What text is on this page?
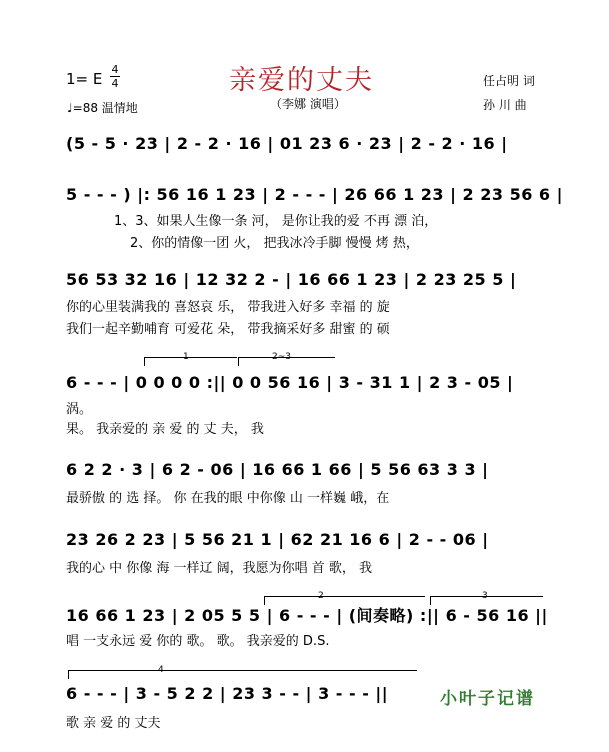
1= E
4
4
♩=88 温情地
亲爱的丈夫
（李娜 演唱）
任占明 词
孙 川 曲
(5 - 5 · 23 | 2 - 2 · 16 | 01 23 6 · 23 | 2 - 2 · 16 |
5 - - - ) |: 56 16 1 23 | 2 - - - | 26 66 1 23 | 2 23 56 6 |
1、3、如果人生像一条 河， 是你让我的爱 不再 漂 泊，
2、你的情像一团 火， 把我冰冷手脚 慢慢 烤 热，
56 53 32 16 | 12 32 2 - | 16 66 1 23 | 2 23 25 5 |
你的心里装满我的 喜怒哀 乐， 带我进入好多 幸福 的 旋
我们一起辛勤哺育 可爱花 朵， 带我摘采好多 甜蜜 的 硕
1	2~3
6 - - - | 0 0 0 0 :|| 0 0 56 16 | 3 - 31 1 | 2 3 - 05 |
涡。
果。 我亲爱的 亲 爱 的 丈 夫， 我
6 2 2 · 3 | 6 2 - 06 | 16 66 1 66 | 5 56 63 3 3 |
最骄傲 的 选 择。 你 在我的眼 中你像 山 一样巍 峨，在
23 26 2 23 | 5 56 21 1 | 62 21 16 6 | 2 - - 06 |
我的心 中 你像 海 一样辽 阔，我愿为你唱 首 歌， 我
2	3
16 66 1 23 | 2 05 5 5 | 6 - - - | (间奏略) :|| 6 - 56 16 ||
唱 一支永远 爱 你的 歌。 歌。 我亲爱的 D.S.
4
6 - - - | 3 - 5 2 2 | 23 3 - - | 3 - - - ||
歌 亲 爱 的 丈夫
小叶子记谱
